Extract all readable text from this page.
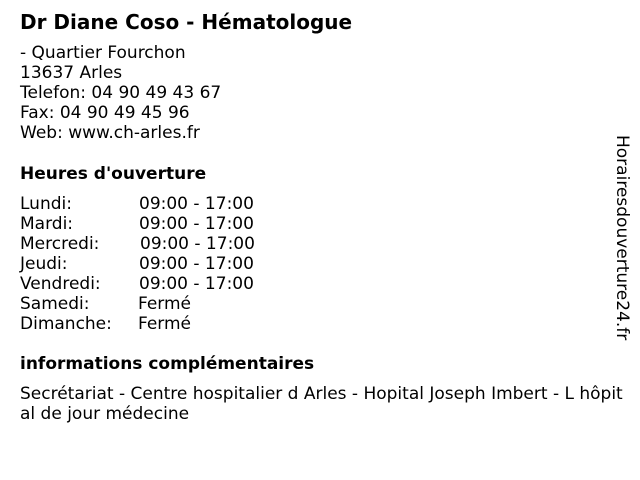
Dr Diane Coso - Hématologue
- Quartier Fourchon
13637 Arles
Telefon: 04 90 49 43 67
Fax: 04 90 49 45 96
Web: www.ch-arles.fr
Heures d'ouverture
Lundi:	09:00 - 17:00
Mardi:	09:00 - 17:00
Mercredi: 09:00 - 17:00
Jeudi:	09:00 - 17:00
Vendredi: 09:00 - 17:00
Samedi:	Fermé
Dimanche: Fermé
informations complémentaires
Secrétariat - Centre hospitalier d Arles - Hopital Joseph Imbert - L hôpital de jour médecine
Horairesdouverture24.fr
